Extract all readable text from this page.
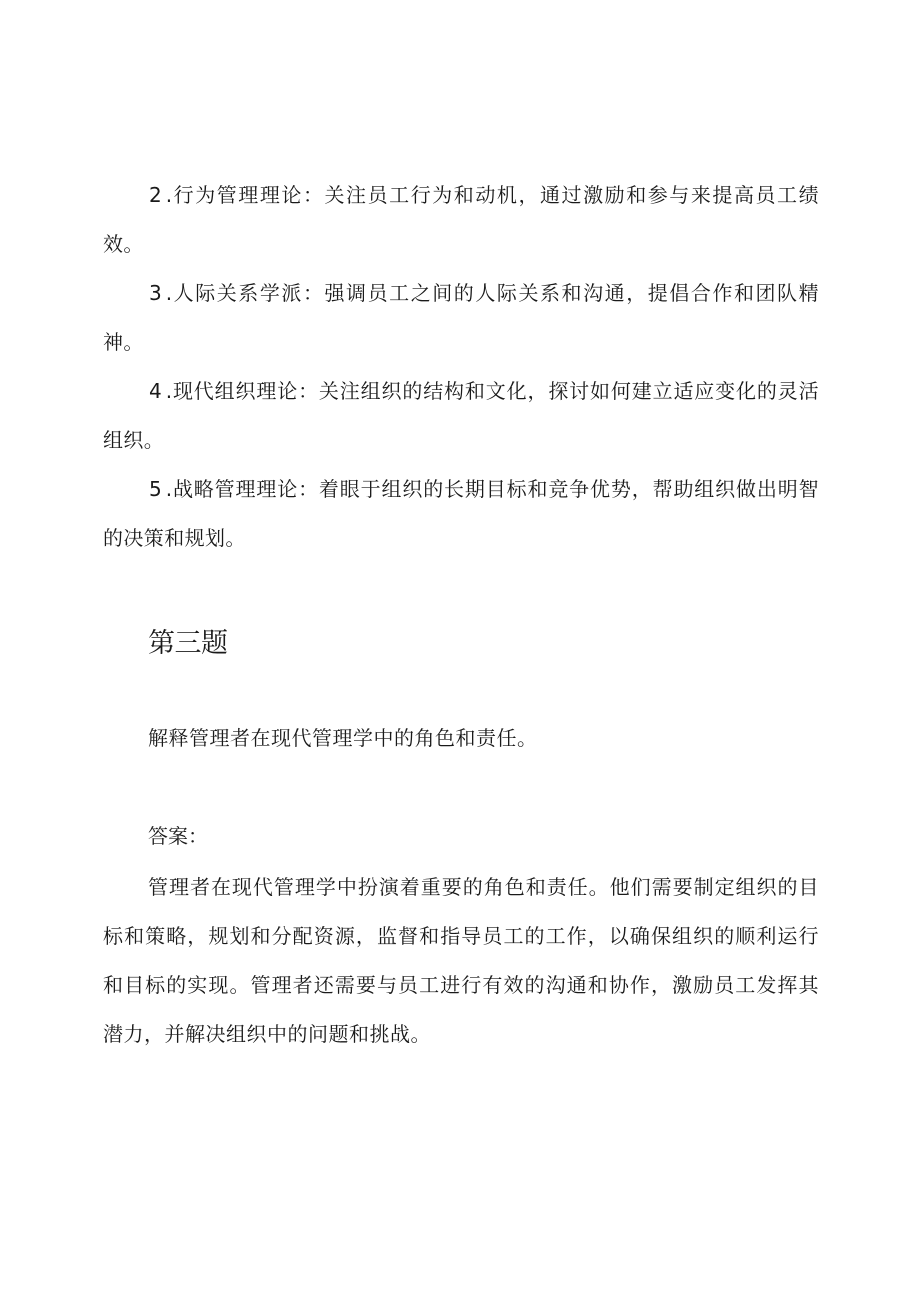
2.行为管理理论：关注员工行为和动机，通过激励和参与来提高员工绩效。

3.人际关系学派：强调员工之间的人际关系和沟通，提倡合作和团队精神。

4.现代组织理论：关注组织的结构和文化，探讨如何建立适应变化的灵活组织。

5.战略管理理论：着眼于组织的长期目标和竞争优势，帮助组织做出明智的决策和规划。

第三题

解释管理者在现代管理学中的角色和责任。

答案：

管理者在现代管理学中扮演着重要的角色和责任。他们需要制定组织的目标和策略，规划和分配资源，监督和指导员工的工作，以确保组织的顺利运行和目标的实现。管理者还需要与员工进行有效的沟通和协作，激励员工发挥其潜力，并解决组织中的问题和挑战。
